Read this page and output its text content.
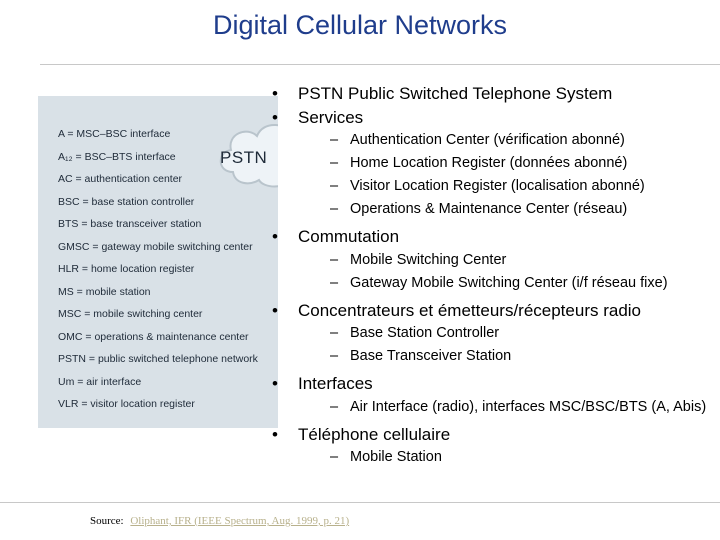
Digital Cellular Networks
A = MSC–BSC interface
A₁₂ = BSC–BTS interface
AC = authentication center
BSC = base station controller
BTS = base transceiver station
GMSC = gateway mobile switching center
HLR = home location register
MS = mobile station
MSC = mobile switching center
OMC = operations & maintenance center
PSTN = public switched telephone network
Um = air interface
VLR = visitor location register
PSTN
• PSTN Public Switched Telephone System
• Services
– Authentication Center (vérification abonné)
– Home Location Register (données abonné)
– Visitor Location Register (localisation abonné)
– Operations & Maintenance Center (réseau)
• Commutation
– Mobile Switching Center
– Gateway Mobile Switching Center (i/f réseau fixe)
• Concentrateurs et émetteurs/récepteurs radio
– Base Station Controller
– Base Transceiver Station
• Interfaces
– Air Interface (radio), interfaces MSC/BSC/BTS (A, Abis)
• Téléphone cellulaire
– Mobile Station
Source: Oliphant, IFR (IEEE Spectrum, Aug. 1999, p. 21)
